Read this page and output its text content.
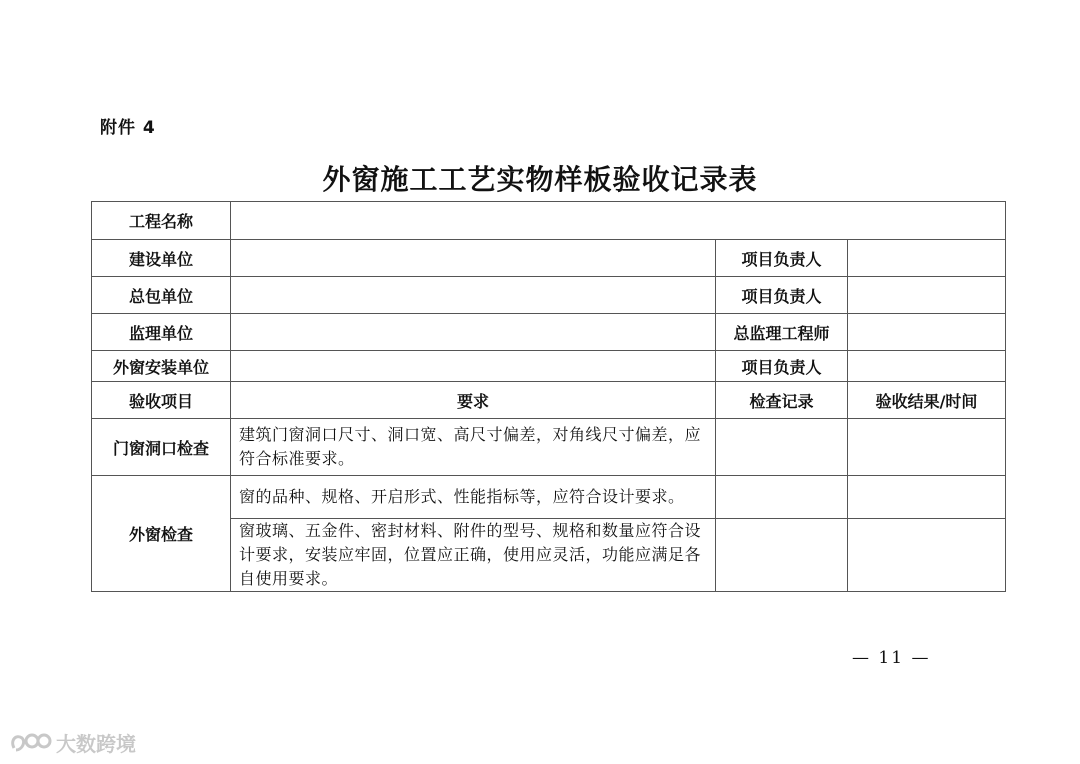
附件 4
外窗施工工艺实物样板验收记录表
工程名称			
建设单位		项目负责人	
总包单位		项目负责人	
监理单位		总监理工程师	
外窗安装单位		项目负责人	
验收项目	要求	检查记录	验收结果/时间
门窗洞口检查	建筑门窗洞口尺寸、洞口宽、高尺寸偏差，对角线尺寸偏差，应符合标准要求。		
外窗检查	窗的品种、规格、开启形式、性能指标等，应符合设计要求。		
	窗玻璃、五金件、密封材料、附件的型号、规格和数量应符合设计要求，安装应牢固，位置应正确，使用应灵活，功能应满足各自使用要求。		
— 11 —
大数跨境
